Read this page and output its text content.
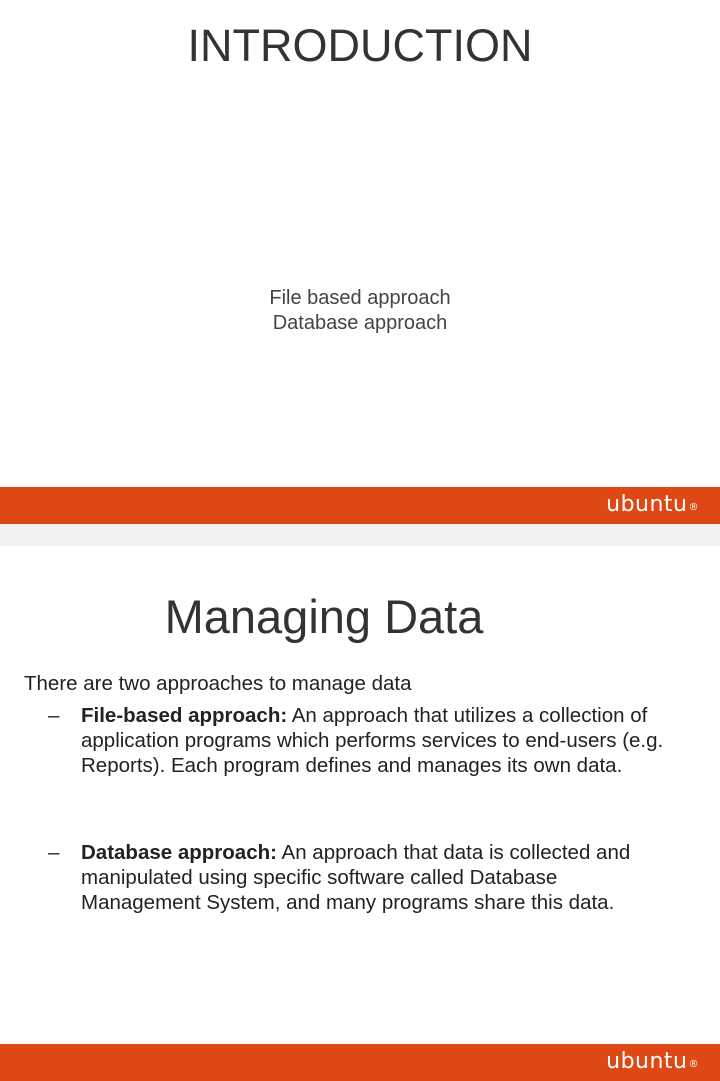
INTRODUCTION
File based approach
Database approach
ubuntu®
Managing Data
There are two approaches to manage data
– File-based approach: An approach that utilizes a collection of application programs which performs services to end-users (e.g. Reports). Each program defines and manages its own data.
– Database approach: An approach that data is collected and manipulated using specific software called Database Management System, and many programs share this data.
ubuntu®
